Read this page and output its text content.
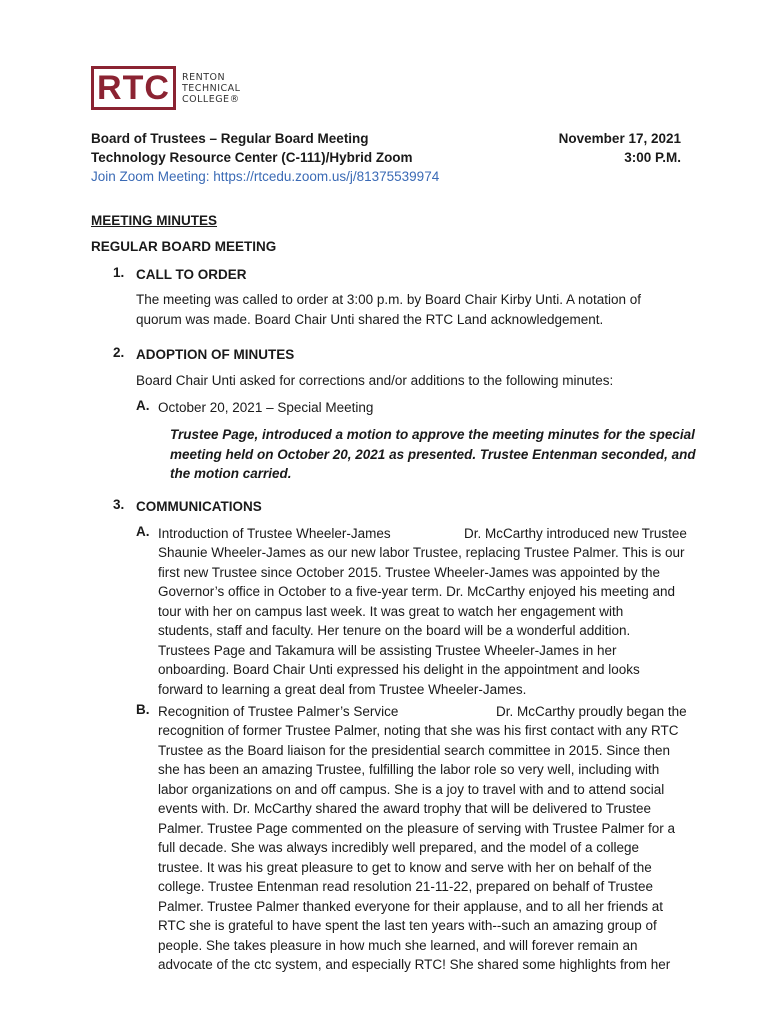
RTC	RENTON
TECHNICAL
COLLEGE®
Board of Trustees – Regular Board Meeting
Technology Resource Center (C-111)/Hybrid Zoom
Join Zoom Meeting: https://rtcedu.zoom.us/j/81375539974
November 17, 2021
3:00 P.M.
MEETING MINUTES
REGULAR BOARD MEETING
1. CALL TO ORDER
The meeting was called to order at 3:00 p.m. by Board Chair Kirby Unti. A notation of
quorum was made. Board Chair Unti shared the RTC Land acknowledgement.
2. ADOPTION OF MINUTES
Board Chair Unti asked for corrections and/or additions to the following minutes:
A. October 20, 2021 – Special Meeting
Trustee Page, introduced a motion to approve the meeting minutes for the special
meeting held on October 20, 2021 as presented. Trustee Entenman seconded, and
the motion carried.
3. COMMUNICATIONS
A. Introduction of Trustee Wheeler-James	Dr. McCarthy introduced new Trustee
Shaunie Wheeler-James as our new labor Trustee, replacing Trustee Palmer. This is our
first new Trustee since October 2015. Trustee Wheeler-James was appointed by the
Governor’s office in October to a five-year term. Dr. McCarthy enjoyed his meeting and
tour with her on campus last week. It was great to watch her engagement with
students, staff and faculty. Her tenure on the board will be a wonderful addition.
Trustees Page and Takamura will be assisting Trustee Wheeler-James in her
onboarding. Board Chair Unti expressed his delight in the appointment and looks
forward to learning a great deal from Trustee Wheeler-James.
B. Recognition of Trustee Palmer’s Service	Dr. McCarthy proudly began the
recognition of former Trustee Palmer, noting that she was his first contact with any RTC
Trustee as the Board liaison for the presidential search committee in 2015. Since then
she has been an amazing Trustee, fulfilling the labor role so very well, including with
labor organizations on and off campus. She is a joy to travel with and to attend social
events with. Dr. McCarthy shared the award trophy that will be delivered to Trustee
Palmer. Trustee Page commented on the pleasure of serving with Trustee Palmer for a
full decade. She was always incredibly well prepared, and the model of a college
trustee. It was his great pleasure to get to know and serve with her on behalf of the
college. Trustee Entenman read resolution 21-11-22, prepared on behalf of Trustee
Palmer. Trustee Palmer thanked everyone for their applause, and to all her friends at
RTC she is grateful to have spent the last ten years with--such an amazing group of
people. She takes pleasure in how much she learned, and will forever remain an
advocate of the ctc system, and especially RTC! She shared some highlights from her
